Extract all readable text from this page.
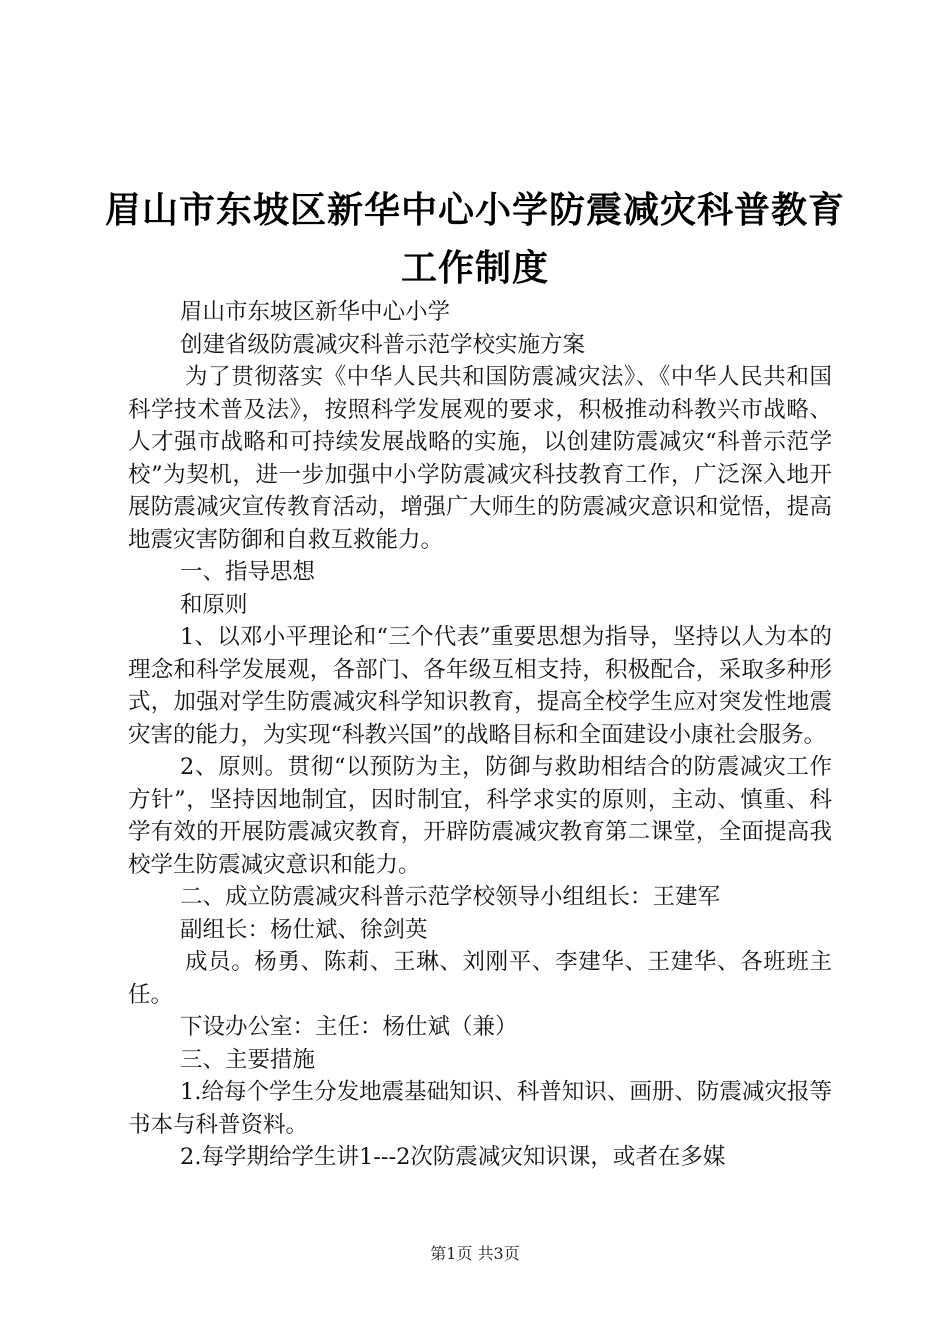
眉山市东坡区新华中心小学防震减灾科普教育
工作制度

眉山市东坡区新华中心小学

创建省级防震减灾科普示范学校实施方案

为了贯彻落实《中华人民共和国防震减灾法》、《中华人民共和国科学技术普及法》，按照科学发展观的要求，积极推动科教兴市战略、人才强市战略和可持续发展战略的实施，以创建防震减灾“科普示范学校”为契机，进一步加强中小学防震减灾科技教育工作，广泛深入地开展防震减灾宣传教育活动，增强广大师生的防震减灾意识和觉悟，提高地震灾害防御和自救互救能力。

一、指导思想

和原则

1、以邓小平理论和“三个代表”重要思想为指导，坚持以人为本的理念和科学发展观，各部门、各年级互相支持，积极配合，采取多种形式，加强对学生防震减灾科学知识教育，提高全校学生应对突发性地震灾害的能力，为实现“科教兴国”的战略目标和全面建设小康社会服务。

2、原则。贯彻“以预防为主，防御与救助相结合的防震减灾工作方针”，坚持因地制宜，因时制宜，科学求实的原则，主动、慎重、科学有效的开展防震减灾教育，开辟防震减灾教育第二课堂，全面提高我校学生防震减灾意识和能力。

二、成立防震减灾科普示范学校领导小组组长：王建军

副组长：杨仕斌、徐剑英

成员。杨勇、陈莉、王琳、刘刚平、李建华、王建华、各班班主任。

下设办公室：主任：杨仕斌（兼）

三、主要措施

1.给每个学生分发地震基础知识、科普知识、画册、防震减灾报等书本与科普资料。

2.每学期给学生讲1---2次防震减灾知识课，或者在多媒

第1页 共3页
